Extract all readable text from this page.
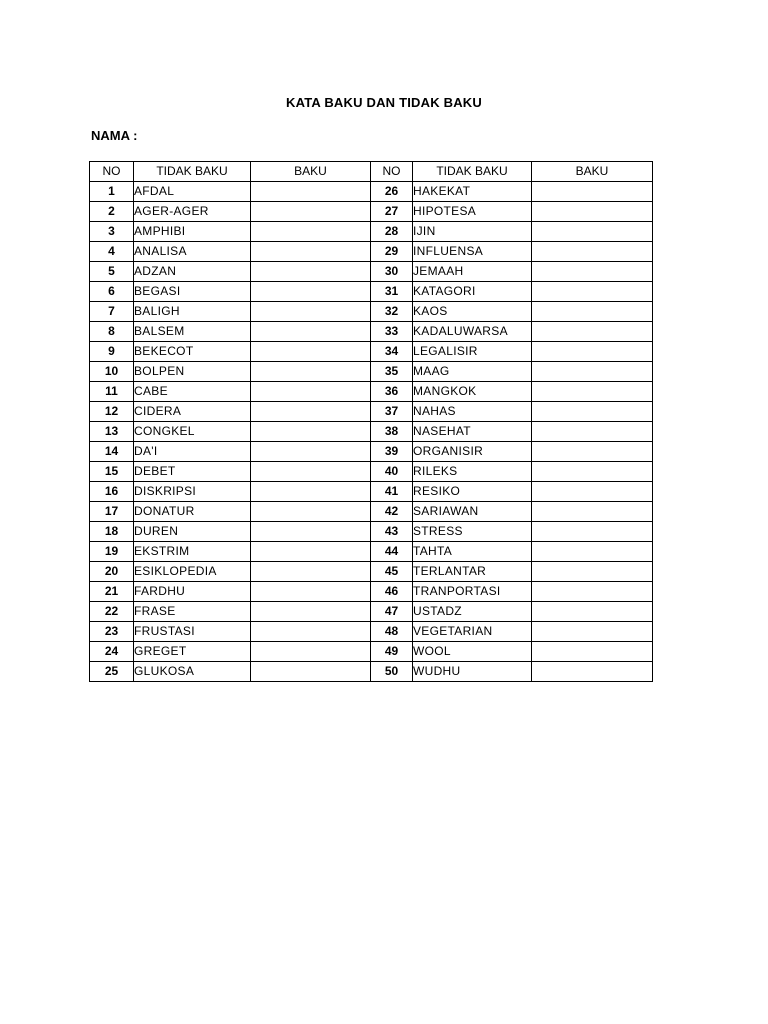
KATA BAKU DAN TIDAK BAKU
NAMA :
NO	TIDAK BAKU	BAKU	NO	TIDAK BAKU	BAKU
1	AFDAL		26	HAKEKAT	
2	AGER-AGER		27	HIPOTESA	
3	AMPHIBI		28	IJIN	
4	ANALISA		29	INFLUENSA	
5	ADZAN		30	JEMAAH	
6	BEGASI		31	KATAGORI	
7	BALIGH		32	KAOS	
8	BALSEM		33	KADALUWARSA	
9	BEKECOT		34	LEGALISIR	
10	BOLPEN		35	MAAG	
11	CABE		36	MANGKOK	
12	CIDERA		37	NAHAS	
13	CONGKEL		38	NASEHAT	
14	DA'I		39	ORGANISIR	
15	DEBET		40	RILEKS	
16	DISKRIPSI		41	RESIKO	
17	DONATUR		42	SARIAWAN	
18	DUREN		43	STRESS	
19	EKSTRIM		44	TAHTA	
20	ESIKLOPEDIA		45	TERLANTAR	
21	FARDHU		46	TRANPORTASI	
22	FRASE		47	USTADZ	
23	FRUSTASI		48	VEGETARIAN	
24	GREGET		49	WOOL	
25	GLUKOSA		50	WUDHU	
